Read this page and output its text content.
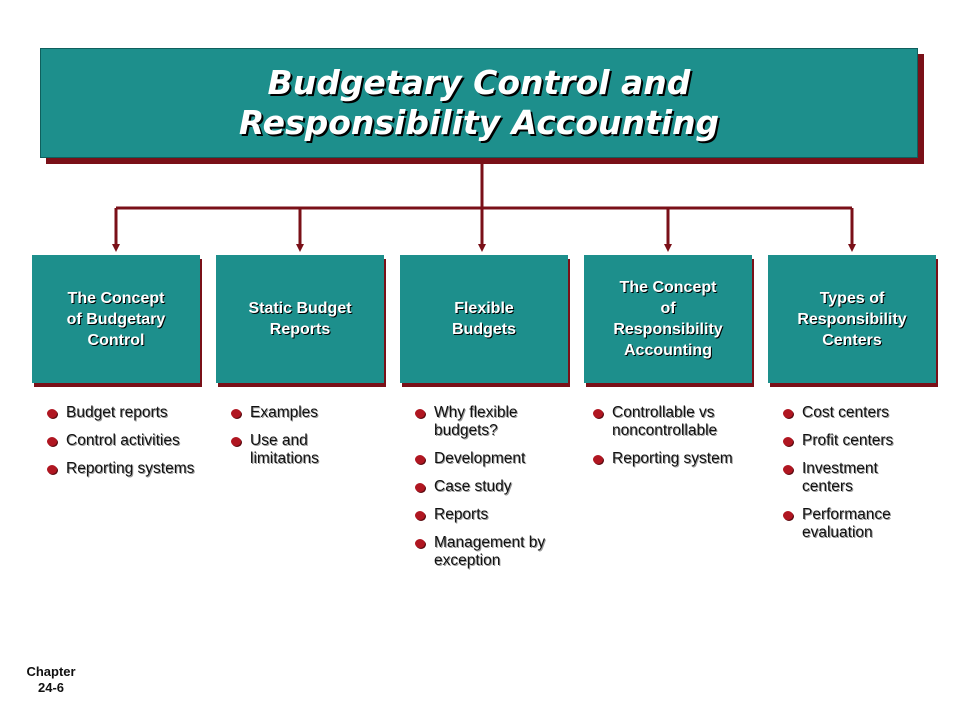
Budgetary Control and
Responsibility Accounting
The Concept
of Budgetary
Control
Budget reports
Control activities
Reporting systems
Static Budget
Reports
Examples
Use and limitations
Flexible
Budgets
Why flexible budgets?
Development
Case study
Reports
Management by exception
The Concept
of
Responsibility
Accounting
Controllable vs noncontrollable
Reporting system
Types of
Responsibility
Centers
Cost centers
Profit centers
Investment centers
Performance evaluation
Chapter
24-6
